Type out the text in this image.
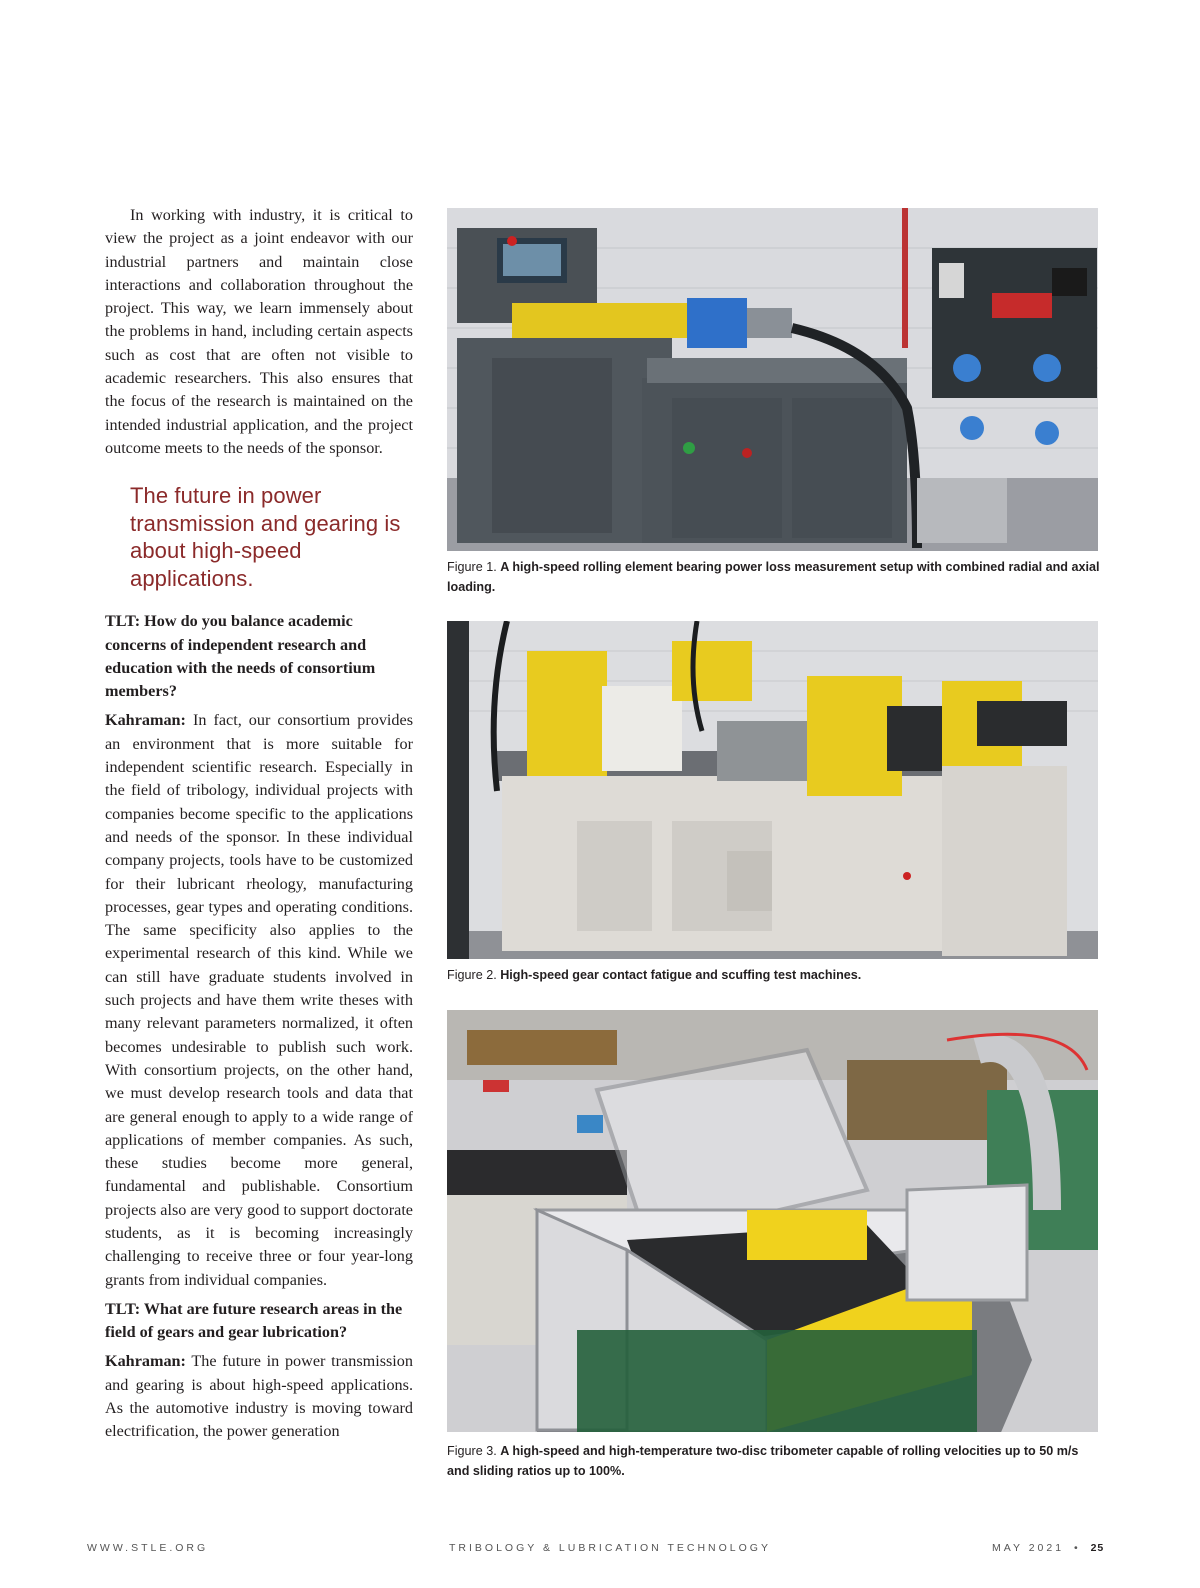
In working with industry, it is critical to view the project as a joint endeavor with our industrial partners and maintain close interactions and collaboration throughout the project. This way, we learn immensely about the problems in hand, including certain aspects such as cost that are often not visible to academic researchers. This also ensures that the focus of the research is maintained on the intended industrial application, and the project outcome meets to the needs of the sponsor.

The future in power transmission and gearing is about high-speed applications.

TLT: How do you balance academic concerns of independent research and education with the needs of consortium members?

Kahraman: In fact, our consortium provides an environment that is more suitable for independent scientific research. Especially in the field of tribology, individual projects with companies become specific to the applications and needs of the sponsor. In these individual company projects, tools have to be customized for their lubricant rheology, manufacturing processes, gear types and operating conditions. The same specificity also applies to the experimental research of this kind. While we can still have graduate students involved in such projects and have them write theses with many relevant parameters normalized, it often becomes undesirable to publish such work. With consortium projects, on the other hand, we must develop research tools and data that are general enough to apply to a wide range of applications of member companies. As such, these studies become more general, fundamental and publishable. Consortium projects also are very good to support doctorate students, as it is becoming increasingly challenging to receive three or four year-long grants from individual companies.

TLT: What are future research areas in the field of gears and gear lubrication?

Kahraman: The future in power transmission and gearing is about high-speed applications. As the automotive industry is moving toward electrification, the power generation

Figure 1. A high-speed rolling element bearing power loss measurement setup with combined radial and axial loading.
Figure 2. High-speed gear contact fatigue and scuffing test machines.
Figure 3. A high-speed and high-temperature two-disc tribometer capable of rolling velocities up to 50 m/s and sliding ratios up to 100%.
WWW.STLE.ORG	TRIBOLOGY & LUBRICATION TECHNOLOGY	MAY 2021 • 25
